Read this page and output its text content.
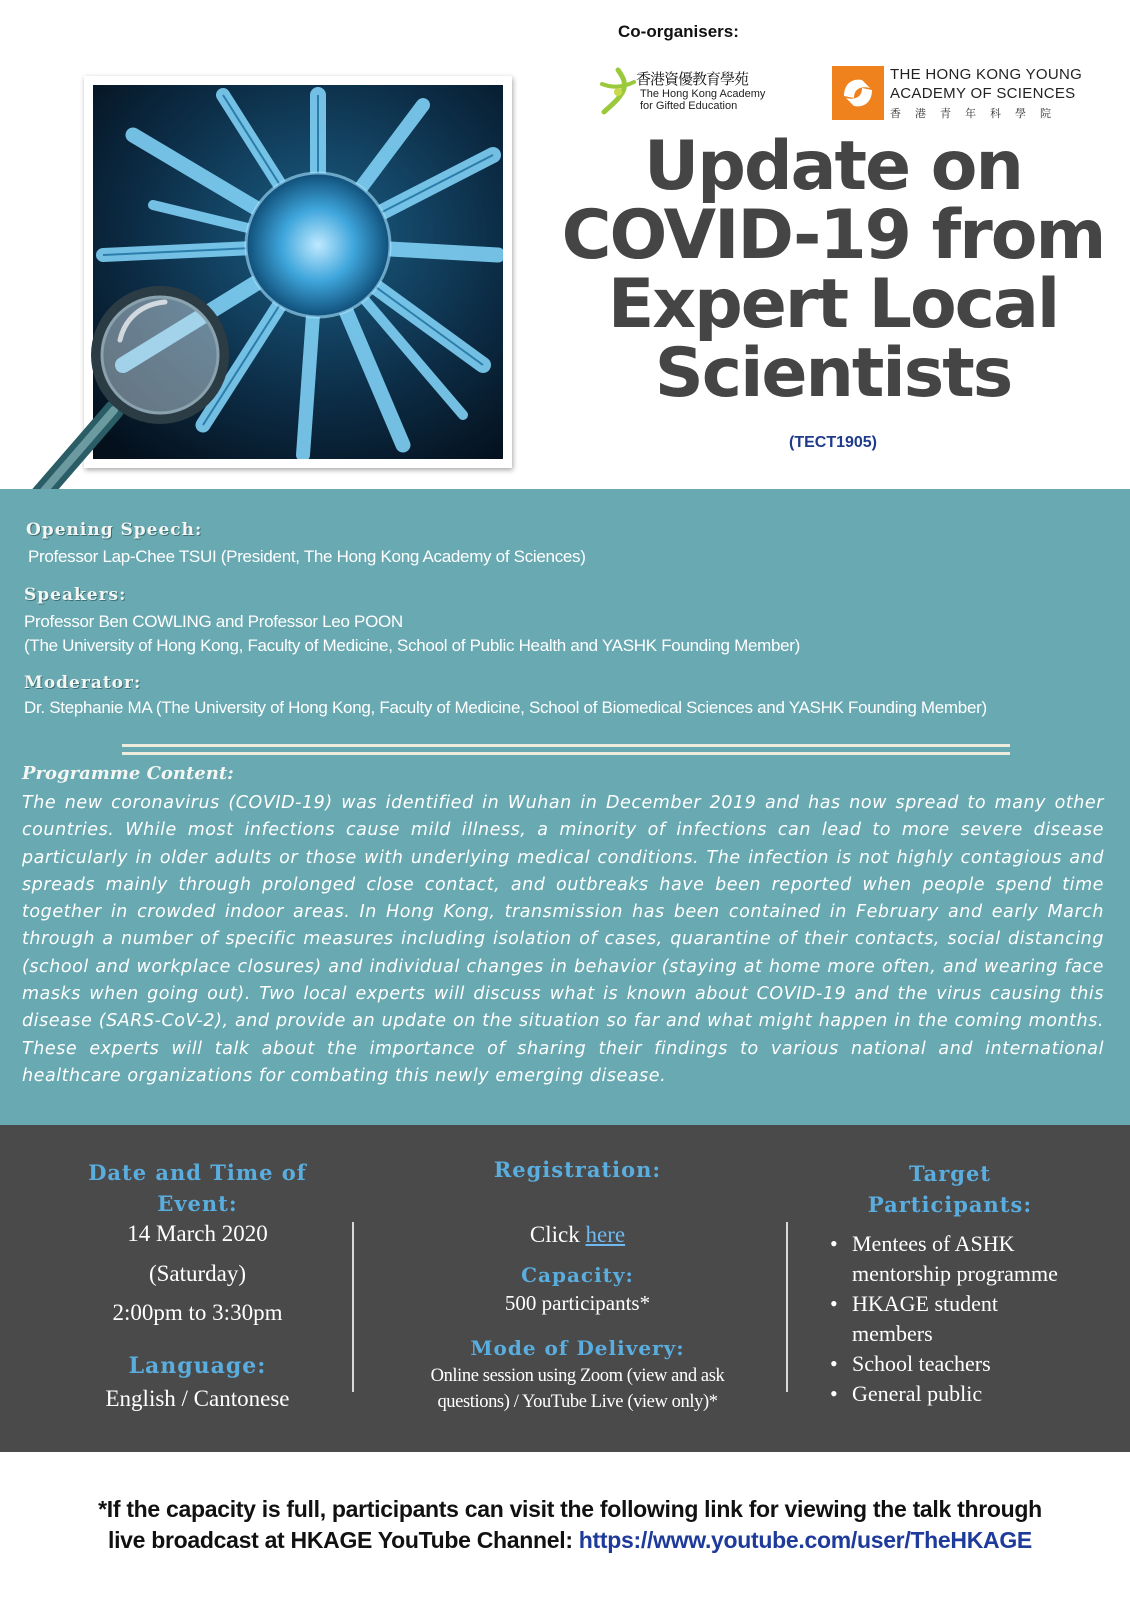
Co-organisers:
香港資優教育學苑
The Hong Kong Academy
for Gifted Education
THE HONG KONG YOUNG
ACADEMY OF SCIENCES
香港青年科學院
Update on
COVID-19 from
Expert Local
Scientists
(TECT1905)
Opening Speech:
Professor Lap-Chee TSUI (President, The Hong Kong Academy of Sciences)
Speakers:
Professor Ben COWLING and Professor Leo POON
(The University of Hong Kong, Faculty of Medicine, School of Public Health and YASHK Founding Member)
Moderator:
Dr. Stephanie MA (The University of Hong Kong, Faculty of Medicine, School of Biomedical Sciences and YASHK Founding Member)
Programme Content:
The new coronavirus (COVID-19) was identified in Wuhan in December 2019 and has now spread to many other countries. While most infections cause mild illness, a minority of infections can lead to more severe disease particularly in older adults or those with underlying medical conditions. The infection is not highly contagious and spreads mainly through prolonged close contact, and outbreaks have been reported when people spend time together in crowded indoor areas. In Hong Kong, transmission has been contained in February and early March through a number of specific measures including isolation of cases, quarantine of their contacts, social distancing (school and workplace closures) and individual changes in behavior (staying at home more often, and wearing face masks when going out). Two local experts will discuss what is known about COVID-19 and the virus causing this disease (SARS-CoV-2), and provide an update on the situation so far and what might happen in the coming months. These experts will talk about the importance of sharing their findings to various national and international healthcare organizations for combating this newly emerging disease.
Date and Time of
Event:
14 March 2020
(Saturday)
2:00pm to 3:30pm
Language:
English / Cantonese
Registration:
Click here
Capacity:
500 participants*
Mode of Delivery:
Online session using Zoom (view and ask
questions) / YouTube Live (view only)*
Target
Participants:
• Mentees of ASHK mentorship programme
• HKAGE student members
• School teachers
• General public
*If the capacity is full, participants can visit the following link for viewing the talk through
live broadcast at HKAGE YouTube Channel: https://www.youtube.com/user/TheHKAGE
